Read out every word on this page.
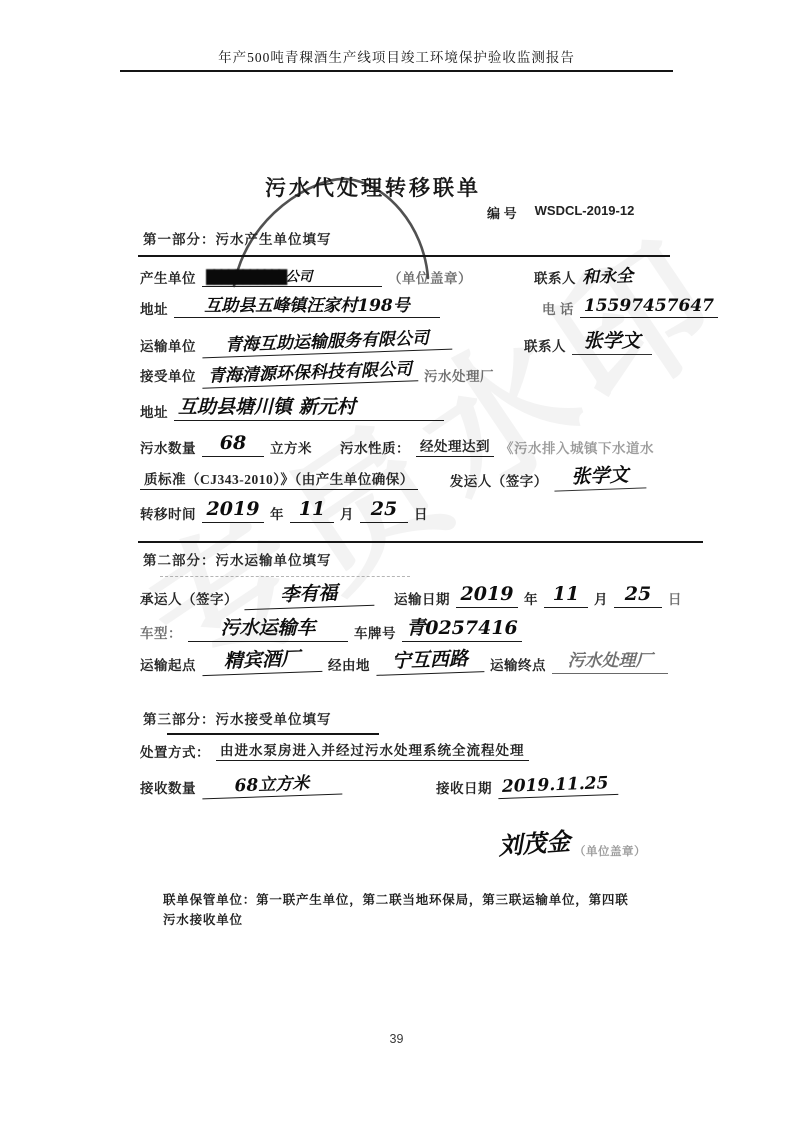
年产500吨青稞酒生产线项目竣工环境保护验收监测报告
污水代处理转移联单
编 号 WSDCL-2019-12
第一部分：污水产生单位填写
产生单位 ███████████公司	（单位盖章）	联系人 和永全
地址	互助县五峰镇汪家村198号	电 话 15597457647
运输单位	青海互助运输服务有限公司	联系人 张学文
接受单位 青海清源环保科技有限公司 污水处理厂
地址 互助县塘川镇 新元村
污水数量	68	立方米 污水性质： 经处理达到 《污水排入城镇下水道水
质标准（CJ343-2010）》（由产生单位确保）	发运人（签字）	张学文
转移时间 2019 年 11	月 25	日
第二部分：污水运输单位填写
承运人（签字）	李有福	运输日期 2019 年 11	月 25	日
车型：	污水运输车	车牌号 青0257416
运输起点	精宾酒厂	经由地	宁互西路	运输终点	污水处理厂
第三部分：污水接受单位填写
处置方式： 由进水泵房进入并经过污水处理系统全流程处理
接收数量	68立方米	接收日期 2019.11.25
刘茂金 （单位盖章）
联单保管单位：第一联产生单位，第二联当地环保局，第三联运输单位，第四联
污水接收单位
39
